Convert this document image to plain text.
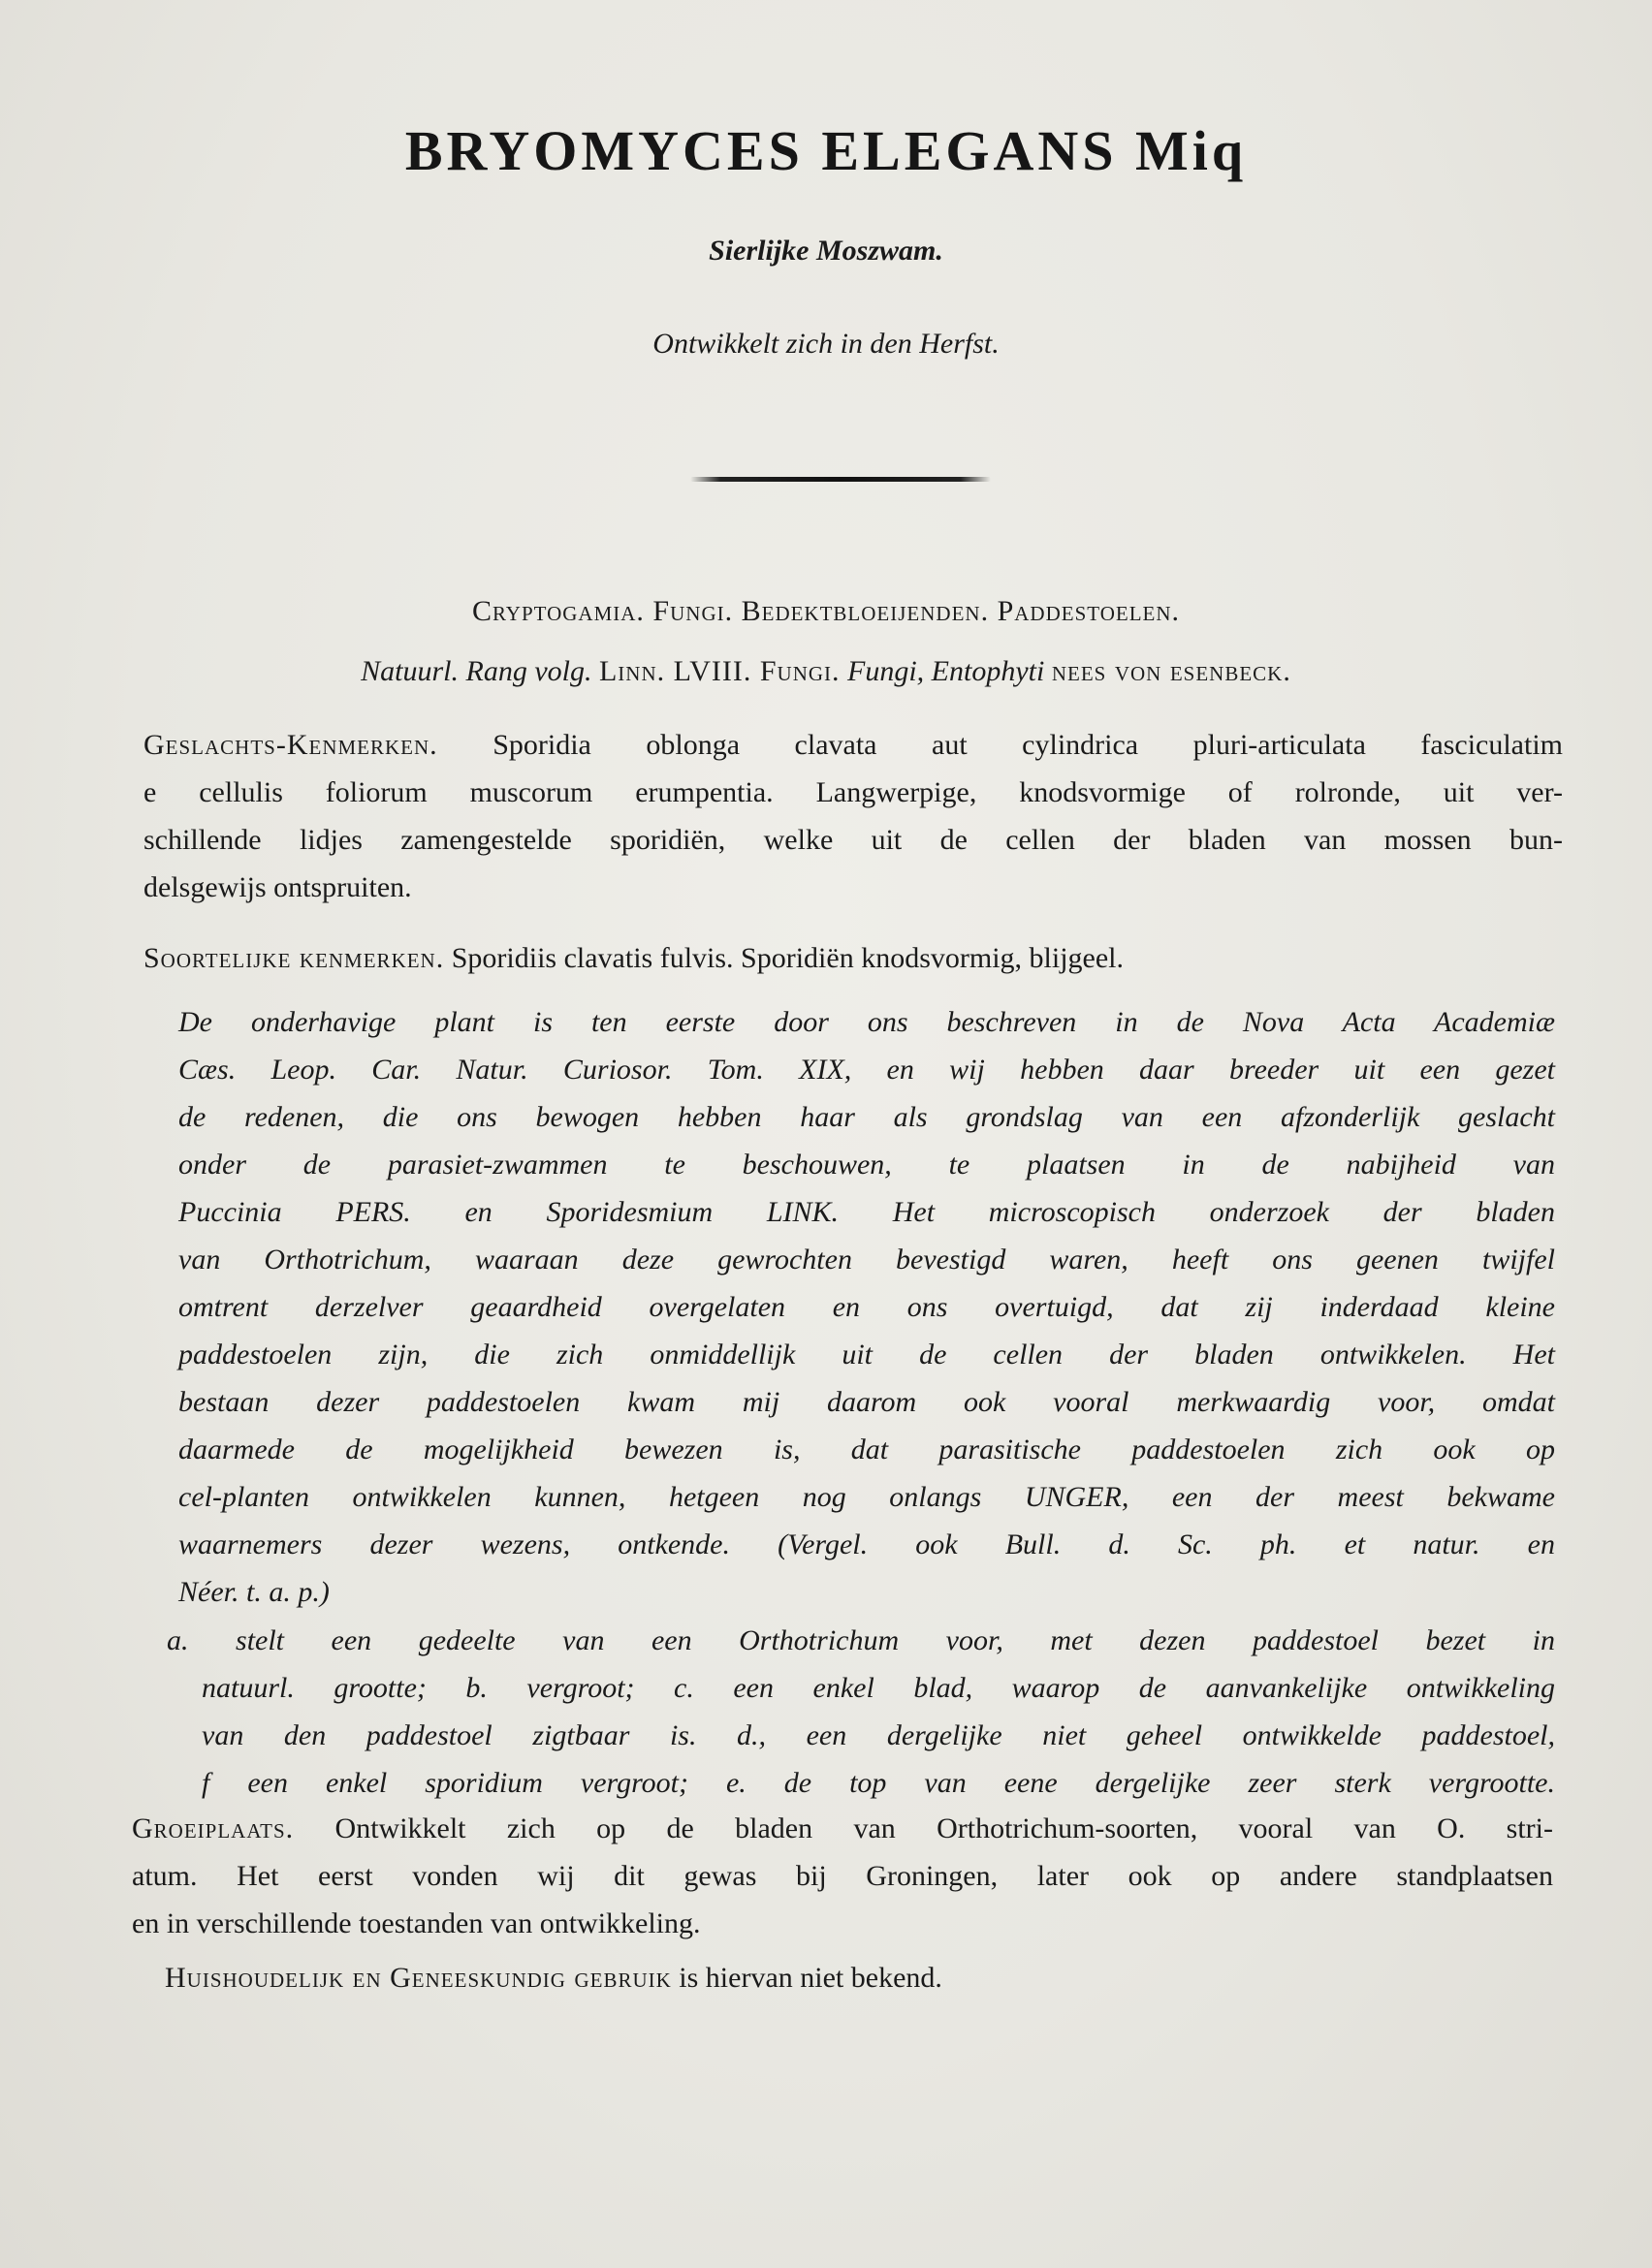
BRYOMYCES ELEGANS Miq
Sierlijke Moszwam.
Ontwikkelt zich in den Herfst.
Cryptogamia. Fungi. Bedektbloeijenden. Paddestoelen.
Natuurl. Rang volg. Linn. LVIII. Fungi. Fungi, Entophyti nees von esenbeck.
Geslachts-Kenmerken. Sporidia oblonga clavata aut cylindrica pluri-articulata fasciculatim
e cellulis foliorum muscorum erumpentia. Langwerpige, knodsvormige of rolronde, uit ver-
schillende lidjes zamengestelde sporidiën, welke uit de cellen der bladen van mossen bun-
delsgewijs ontspruiten.
Soortelijke kenmerken. Sporidiis clavatis fulvis. Sporidiën knodsvormig, blijgeel.
De onderhavige plant is ten eerste door ons beschreven in de Nova Acta Academiæ
Cæs. Leop. Car. Natur. Curiosor. Tom. XIX, en wij hebben daar breeder uit een gezet
de redenen, die ons bewogen hebben haar als grondslag van een afzonderlijk geslacht
onder de parasiet-zwammen te beschouwen, te plaatsen in de nabijheid van
Puccinia PERS. en Sporidesmium LINK. Het microscopisch onderzoek der bladen
van Orthotrichum, waaraan deze gewrochten bevestigd waren, heeft ons geenen twijfel
omtrent derzelver geaardheid overgelaten en ons overtuigd, dat zij inderdaad kleine
paddestoelen zijn, die zich onmiddellijk uit de cellen der bladen ontwikkelen. Het
bestaan dezer paddestoelen kwam mij daarom ook vooral merkwaardig voor, omdat
daarmede de mogelijkheid bewezen is, dat parasitische paddestoelen zich ook op
cel-planten ontwikkelen kunnen, hetgeen nog onlangs UNGER, een der meest bekwame
waarnemers dezer wezens, ontkende. (Vergel. ook Bull. d. Sc. ph. et natur. en
Néer. t. a. p.)
a. stelt een gedeelte van een Orthotrichum voor, met dezen paddestoel bezet in
natuurl. grootte; b. vergroot; c. een enkel blad, waarop de aanvankelijke ontwikkeling
van den paddestoel zigtbaar is. d., een dergelijke niet geheel ontwikkelde paddestoel,
f een enkel sporidium vergroot; e. de top van eene dergelijke zeer sterk vergrootte.
Groeiplaats. Ontwikkelt zich op de bladen van Orthotrichum-soorten, vooral van O. stri-
atum. Het eerst vonden wij dit gewas bij Groningen, later ook op andere standplaatsen
en in verschillende toestanden van ontwikkeling.
Huishoudelijk en Geneeskundig gebruik is hiervan niet bekend.
